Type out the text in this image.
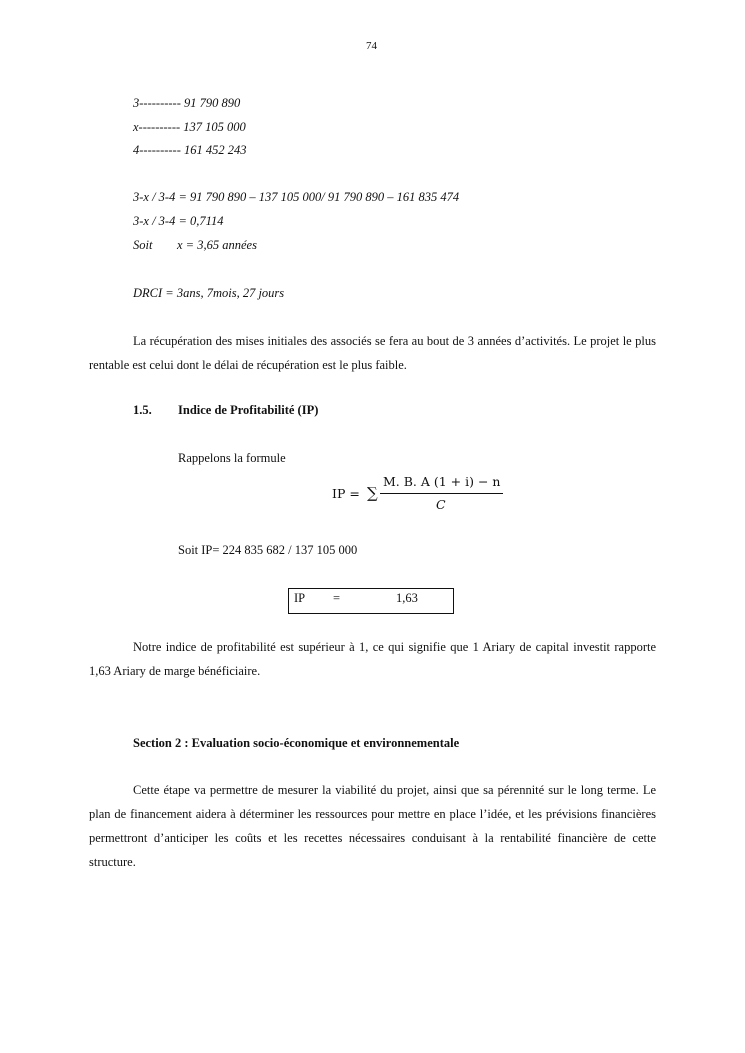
74
3---------- 91 790 890
x---------- 137 105 000
4---------- 161 452 243
3-x / 3-4 = 91 790 890 – 137 105 000/ 91 790 890 – 161 835 474
3-x / 3-4 = 0,7114
Soit x = 3,65 années
DRCI = 3ans, 7mois, 27 jours
La récupération des mises initiales des associés se fera au bout de 3 années d’activités. Le projet le plus rentable est celui dont le délai de récupération est le plus faible.
1.5. Indice de Profitabilité (IP)
Rappelons la formule
IP = ∑
M. B. A (1 + i) − n
C
Soit IP= 224 835 682 / 137 105 000
IP =	1,63
Notre indice de profitabilité est supérieur à 1, ce qui signifie que 1 Ariary de capital investit rapporte 1,63 Ariary de marge bénéficiaire.
Section 2 : Evaluation socio-économique et environnementale
Cette étape va permettre de mesurer la viabilité du projet, ainsi que sa pérennité sur le long terme. Le plan de financement aidera à déterminer les ressources pour mettre en place l’idée, et les prévisions financières permettront d’anticiper les coûts et les recettes nécessaires conduisant à la rentabilité financière de cette structure.
